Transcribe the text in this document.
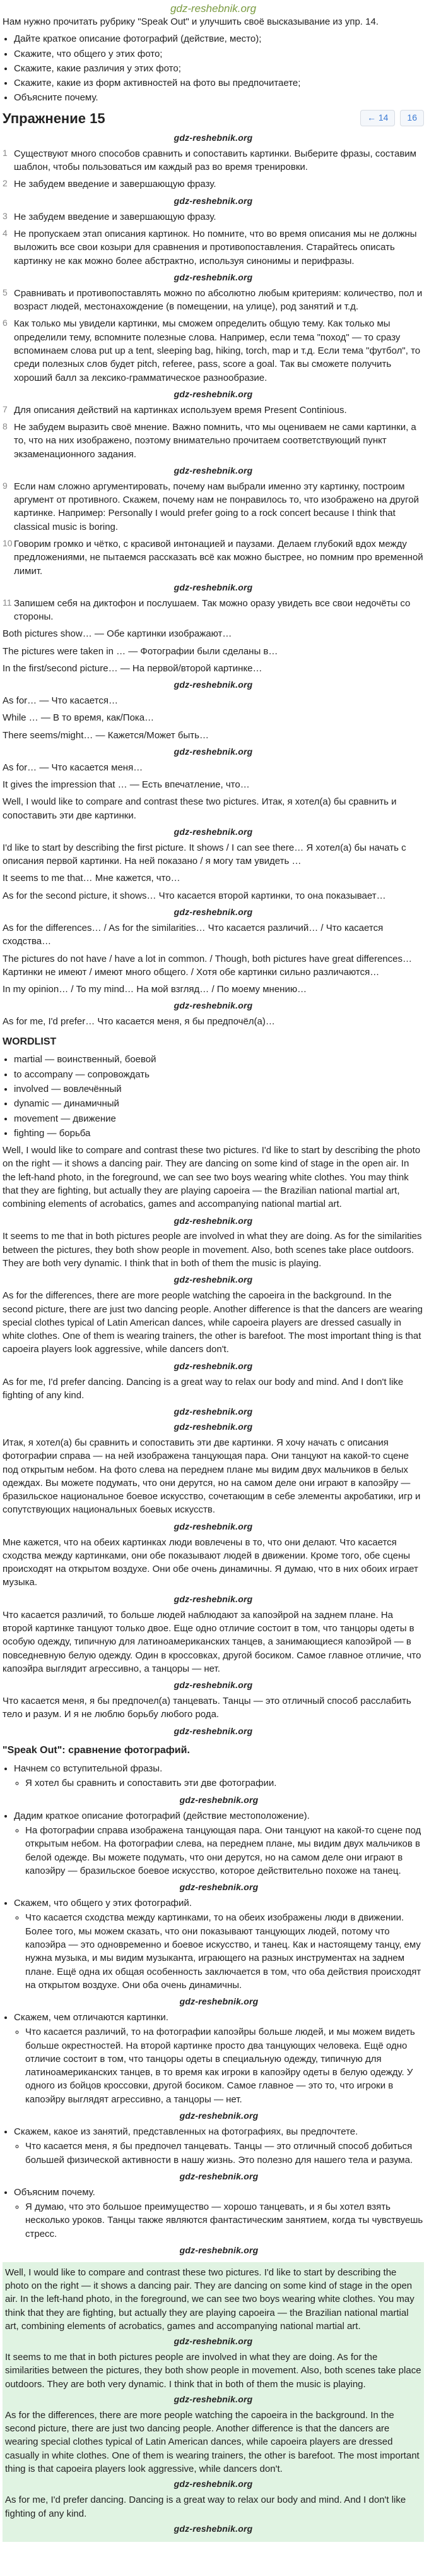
gdz-reshebnik.org

Нам нужно прочитать рубрику "Speak Out" и улучшить своё высказывание из упр. 14.

• Дайте краткое описание фотографий (действие, место);
• Скажите, что общего у этих фото;
• Скажите, какие различия у этих фото;
• Скажите, какие из форм активностей на фото вы предпочитаете;
• Объясните почему.
Упражнение 15	← 14	16
gdz-reshebnik.org
1 Существуют много способов сравнить и сопоставить картинки. Выберите фразы, составим шаблон, чтобы пользоваться им каждый раз во время тренировки.
2 Не забудем введение и завершающую фразу.
gdz-reshebnik.org
3 Не забудем введение и завершающую фразу.
4 Не пропускаем этап описания картинок. Но помните, что во время описания мы не должны выложить все свои козыри для сравнения и противопоставления. Старайтесь описать картинку не как можно более абстрактно, используя синонимы и перифразы.
gdz-reshebnik.org
5 Сравнивать и противопоставлять можно по абсолютно любым критериям: количество, пол и возраст людей, местонахождение (в помещении, на улице), род занятий и т.д.
6 Как только мы увидели картинки, мы сможем определить общую тему. Как только мы определили тему, вспомните полезные слова. Например, если тема "поход" — то сразу вспоминаем слова put up a tent, sleeping bag, hiking, torch, map и т.д. Если тема "футбол", то среди полезных слов будет pitch, referee, pass, score a goal. Так вы сможете получить хороший балл за лексико-грамматическое разнообразие.
gdz-reshebnik.org
7 Для описания действий на картинках используем время Present Continious.
8 Не забудем выразить своё мнение. Важно помнить, что мы оцениваем не сами картинки, а то, что на них изображено, поэтому внимательно прочитаем соответствующий пункт экзаменационного задания.
gdz-reshebnik.org
9 Если нам сложно аргументировать, почему нам выбрали именно эту картинку, построим аргумент от противного. Скажем, почему нам не понравилось то, что изображено на другой картинке. Например: Personally I would prefer going to a rock concert because I think that classical music is boring.
10 Говорим громко и чётко, с красивой интонацией и паузами. Делаем глубокий вдох между предложениями, не пытаемся рассказать всё как можно быстрее, но помним про временной лимит.
gdz-reshebnik.org
11 Запишем себя на диктофон и послушаем. Так можно оразу увидеть все свои недочёты со стороны.

Both pictures show… — Обе картинки изображают…

The pictures were taken in … — Фотографии были сделаны в…

In the first/second picture… — На первой/второй картинке…

gdz-reshebnik.org

As for… — Что касается…

While … — В то время, как/Пока…

There seems/might… — Кажется/Может быть…

gdz-reshebnik.org

As for… — Что касается меня…

It gives the impression that … — Есть впечатление, что…

Well, I would like to compare and contrast these two pictures. Итак, я хотел(а) бы сравнить и сопоставить эти две картинки.

gdz-reshebnik.org

I'd like to start by describing the first picture. It shows / I can see there… Я хотел(а) бы начать с описания первой картинки. На ней показано / я могу там увидеть …

It seems to me that… Мне кажется, что…

As for the second picture, it shows… Что касается второй картинки, то она показывает…

gdz-reshebnik.org

As for the differences… / As for the similarities… Что касается различий… / Что касается сходства…

The pictures do not have / have a lot in common. / Though, both pictures have great differences… Картинки не имеют / имеют много общего. / Хотя обе картинки сильно различаются…

In my opinion… / To my mind… На мой взгляд… / По моему мнению…

gdz-reshebnik.org

As for me, I'd prefer… Что касается меня, я бы предпочёл(а)…

WORDLIST
• martial — воинственный, боевой
• to accompany — сопровождать
• involved — вовлечённый
• dynamic — динамичный
• movement — движение
• fighting — борьба

Well, I would like to compare and contrast these two pictures. I'd like to start by describing the photo on the right — it shows a dancing pair. They are dancing on some kind of stage in the open air. In the left-hand photo, in the foreground, we can see two boys wearing white clothes. You may think that they are fighting, but actually they are playing capoeira — the Brazilian national martial art, combining elements of acrobatics, games and accompanying national martial art.

gdz-reshebnik.org

It seems to me that in both pictures people are involved in what they are doing. As for the similarities between the pictures, they both show people in movement. Also, both scenes take place outdoors. They are both very dynamic. I think that in both of them the music is playing.

gdz-reshebnik.org

As for the differences, there are more people watching the capoeira in the background. In the second picture, there are just two dancing people. Another difference is that the dancers are wearing special clothes typical of Latin American dances, while capoeira players are dressed casually in white clothes. One of them is wearing trainers, the other is barefoot. The most important thing is that capoeira players look aggressive, while dancers don't.

gdz-reshebnik.org

As for me, I'd prefer dancing. Dancing is a great way to relax our body and mind. And I don't like fighting of any kind.

gdz-reshebnik.org
gdz-reshebnik.org

Итак, я хотел(а) бы сравнить и сопоставить эти две картинки. Я хочу начать с описания фотографии справа — на ней изображена танцующая пара. Они танцуют на какой-то сцене под открытым небом. На фото слева на переднем плане мы видим двух мальчиков в белых одеждах. Вы можете подумать, что они дерутся, но на самом деле они играют в капоэйру — бразильское национальное боевое искусство, сочетающим в себе элементы акробатики, игр и сопутствующих национальных боевых искусств.

gdz-reshebnik.org

Мне кажется, что на обеих картинках люди вовлечены в то, что они делают. Что касается сходства между картинками, они обе показывают людей в движении. Кроме того, обе сцены происходят на открытом воздухе. Они обе очень динамичны. Я думаю, что в них обоих играет музыка.

gdz-reshebnik.org

Что касается различий, то больше людей наблюдают за капоэйрой на заднем плане. На второй картинке танцуют только двое. Еще одно отличие состоит в том, что танцоры одеты в особую одежду, типичную для латиноамериканских танцев, а занимающиеся капоэйрой — в повседневную белую одежду. Один в кроссовках, другой босиком. Самое главное отличие, что капоэйра выглядит агрессивно, а танцоры — нет.

gdz-reshebnik.org

Что касается меня, я бы предпочел(а) танцевать. Танцы — это отличный способ расслабить тело и разум. И я не люблю борьбу любого рода.

gdz-reshebnik.org
"Speak Out": сравнение фотографий.
• Начнем со вступительной фразы.
◦ Я хотел бы сравнить и сопоставить эти две фотографии.
gdz-reshebnik.org
• Дадим краткое описание фотографий (действие местоположение).
◦ На фотографии справа изображена танцующая пара. Они танцуют на какой-то сцене под открытым небом. На фотографии слева, на переднем плане, мы видим двух мальчиков в белой одежде. Вы можете подумать, что они дерутся, но на самом деле они играют в капоэйру — бразильское боевое искусство, которое действительно похоже на танец.
gdz-reshebnik.org
• Скажем, что общего у этих фотографий.
◦ Что касается сходства между картинками, то на обеих изображены люди в движении. Более того, мы можем сказать, что они показывают танцующих людей, потому что капоэйра — это одновременно и боевое искусство, и танец. Как и настоящему танцу, ему нужна музыка, и мы видим музыканта, играющего на разных инструментах на заднем плане. Ещё одна их общая особенность заключается в том, что оба действия происходят на открытом воздухе. Они оба очень динамичны.
gdz-reshebnik.org
• Скажем, чем отличаются картинки.
◦ Что касается различий, то на фотографии капоэйры больше людей, и мы можем видеть больше окрестностей. На второй картинке просто два танцующих человека. Ещё одно отличие состоит в том, что танцоры одеты в специальную одежду, типичную для латиноамериканских танцев, в то время как игроки в капоэйру одеты в белую одежду. У одного из бойцов кроссовки, другой босиком. Самое главное — это то, что игроки в капоэйру выглядят агрессивно, а танцоры — нет.
gdz-reshebnik.org
• Скажем, какое из занятий, представленных на фотографиях, вы предпочтете.
◦ Что касается меня, я бы предпочел танцевать. Танцы — это отличный способ добиться большей физической активности в нашу жизнь. Это полезно для нашего тела и разума.
gdz-reshebnik.org
• Объясним почему.
◦ Я думаю, что это большое преимущество — хорошо танцевать, и я бы хотел взять несколько уроков. Танцы также являются фантастическим занятием, когда ты чувствуешь стресс.
gdz-reshebnik.org

Well, I would like to compare and contrast these two pictures. I'd like to start by describing the photo on the right — it shows a dancing pair. They are dancing on some kind of stage in the open air. In the left-hand photo, in the foreground, we can see two boys wearing white clothes. You may think that they are fighting, but actually they are playing capoeira — the Brazilian national martial art, combining elements of acrobatics, games and accompanying national martial art.

gdz-reshebnik.org

It seems to me that in both pictures people are involved in what they are doing. As for the similarities between the pictures, they both show people in movement. Also, both scenes take place outdoors. They are both very dynamic. I think that in both of them the music is playing.

gdz-reshebnik.org

As for the differences, there are more people watching the capoeira in the background. In the second picture, there are just two dancing people. Another difference is that the dancers are wearing special clothes typical of Latin American dances, while capoeira players are dressed casually in white clothes. One of them is wearing trainers, the other is barefoot. The most important thing is that capoeira players look aggressive, while dancers don't.

gdz-reshebnik.org

As for me, I'd prefer dancing. Dancing is a great way to relax our body and mind. And I don't like fighting of any kind.

gdz-reshebnik.org
